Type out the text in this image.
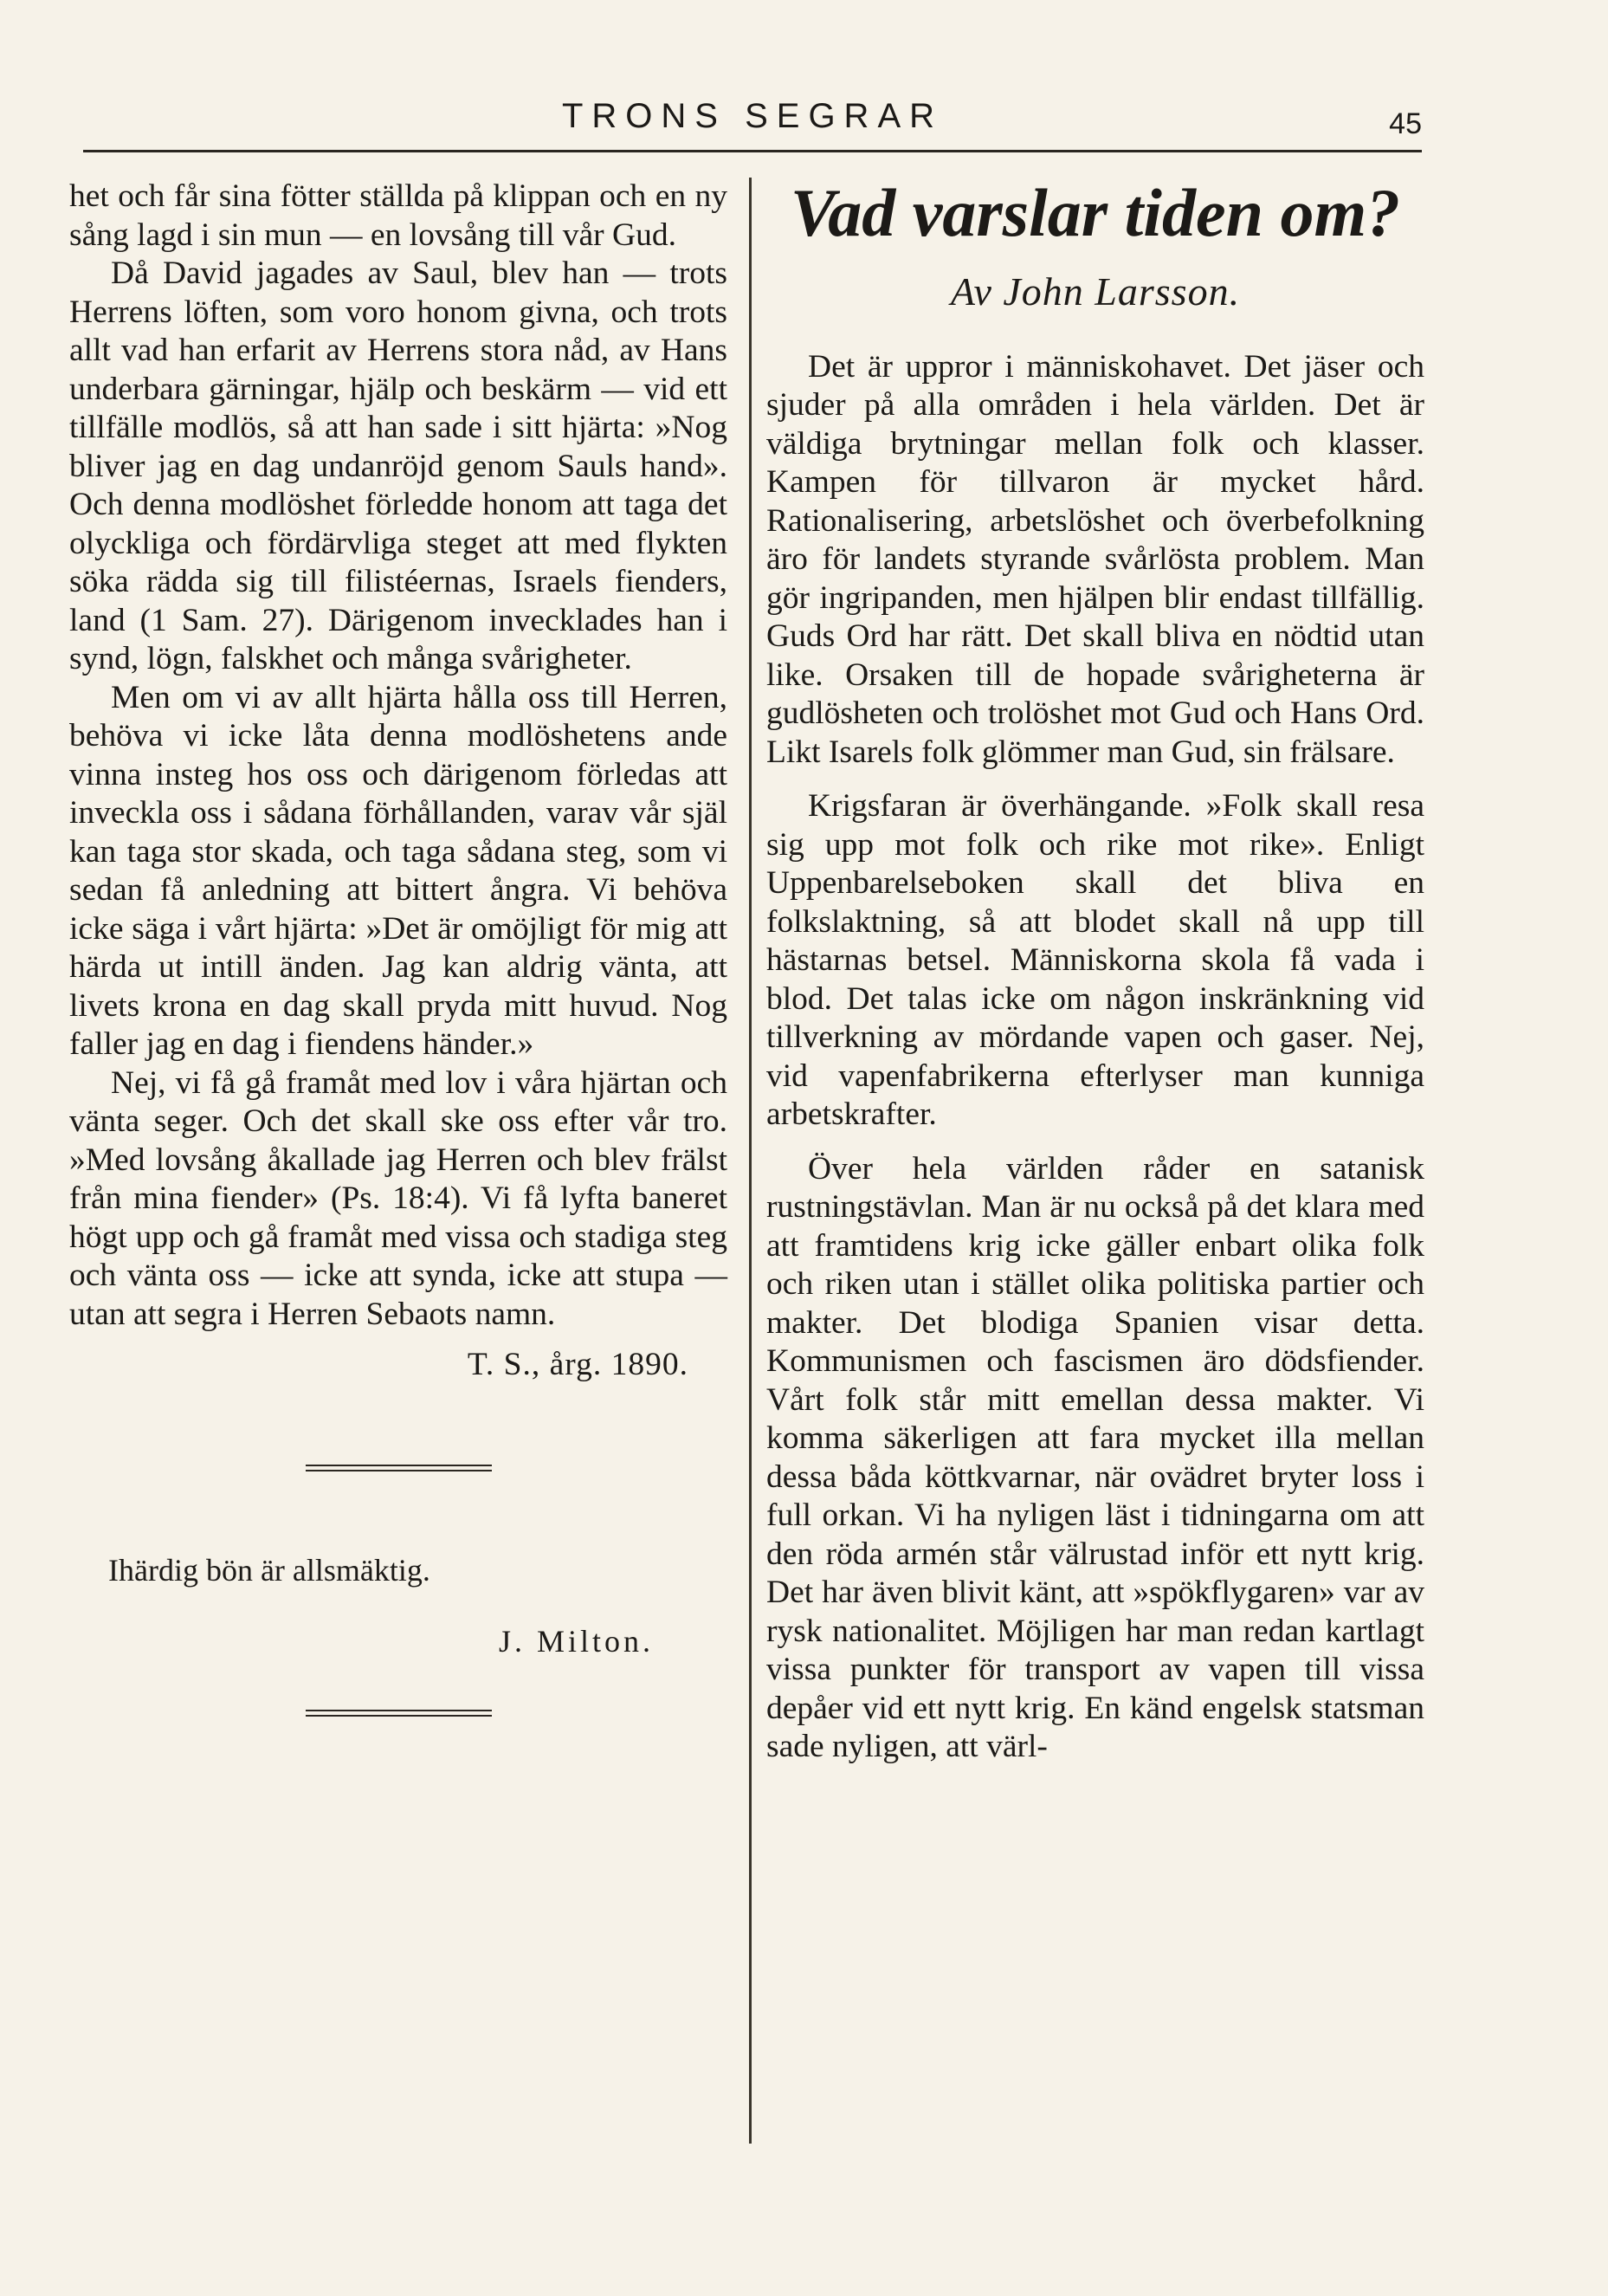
TRONS SEGRAR	45

het och får sina fötter ställda på klippan och en ny sång lagd i sin mun — en lovsång till vår Gud.

Då David jagades av Saul, blev han — trots Herrens löften, som voro honom givna, och trots allt vad han erfarit av Herrens stora nåd, av Hans underbara gärningar, hjälp och beskärm — vid ett tillfälle modlös, så att han sade i sitt hjärta: »Nog bliver jag en dag undanröjd genom Sauls hand». Och denna modlöshet förledde honom att taga det olyckliga och fördärvliga steget att med flykten söka rädda sig till filistéernas, Israels fienders, land (1 Sam. 27). Därigenom invecklades han i synd, lögn, falskhet och många svårigheter.

Men om vi av allt hjärta hålla oss till Herren, behöva vi icke låta denna modlöshetens ande vinna insteg hos oss och därigenom förledas att inveckla oss i sådana förhållanden, varav vår själ kan taga stor skada, och taga sådana steg, som vi sedan få anledning att bittert ångra. Vi behöva icke säga i vårt hjärta: »Det är omöjligt för mig att härda ut intill änden. Jag kan aldrig vänta, att livets krona en dag skall pryda mitt huvud. Nog faller jag en dag i fiendens händer.»

Nej, vi få gå framåt med lov i våra hjärtan och vänta seger. Och det skall ske oss efter vår tro. »Med lovsång åkallade jag Herren och blev frälst från mina fiender» (Ps. 18:4). Vi få lyfta baneret högt upp och gå framåt med vissa och stadiga steg och vänta oss — icke att synda, icke att stupa — utan att segra i Herren Sebaots namn.

T. S., årg. 1890.
Ihärdig bön är allsmäktig.
J. Milton.
Vad varslar tiden om?
Av John Larsson.

Det är uppror i människohavet. Det jäser och sjuder på alla områden i hela världen. Det är väldiga brytningar mellan folk och klasser. Kampen för tillvaron är mycket hård. Rationalisering, arbetslöshet och överbefolkning äro för landets styrande svårlösta problem. Man gör ingripanden, men hjälpen blir endast tillfällig. Guds Ord har rätt. Det skall bliva en nödtid utan like. Orsaken till de hopade svårigheterna är gudlösheten och trolöshet mot Gud och Hans Ord. Likt Isarels folk glömmer man Gud, sin frälsare.

Krigsfaran är överhängande. »Folk skall resa sig upp mot folk och rike mot rike». Enligt Uppenbarelseboken skall det bliva en folkslaktning, så att blodet skall nå upp till hästarnas betsel. Människorna skola få vada i blod. Det talas icke om någon inskränkning vid tillverkning av mördande vapen och gaser. Nej, vid vapenfabrikerna efterlyser man kunniga arbetskrafter.

Över hela världen råder en satanisk rustningstävlan. Man är nu också på det klara med att framtidens krig icke gäller enbart olika folk och riken utan i stället olika politiska partier och makter. Det blodiga Spanien visar detta. Kommunismen och fascismen äro dödsfiender. Vårt folk står mitt emellan dessa makter. Vi komma säkerligen att fara mycket illa mellan dessa båda köttkvarnar, när ovädret bryter loss i full orkan. Vi ha nyligen läst i tidningarna om att den röda armén står välrustad inför ett nytt krig. Det har även blivit känt, att »spökflygaren» var av rysk nationalitet. Möjligen har man redan kartlagt vissa punkter för transport av vapen till vissa depåer vid ett nytt krig. En känd engelsk statsman sade nyligen, att värl-
